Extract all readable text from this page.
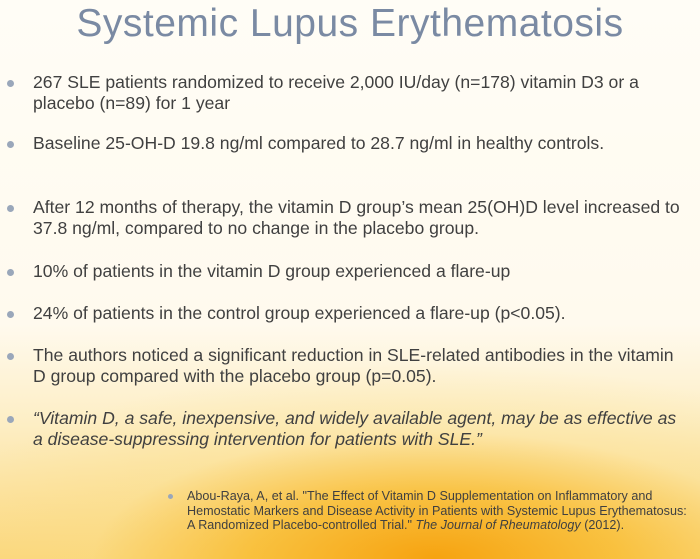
Systemic Lupus Erythematosis
267 SLE patients randomized to receive 2,000 IU/day (n=178) vitamin D3 or a placebo (n=89) for 1 year
Baseline 25-OH-D 19.8 ng/ml compared to 28.7 ng/ml in healthy controls.
After 12 months of therapy, the vitamin D group’s mean 25(OH)D level increased to 37.8 ng/ml, compared to no change in the placebo group.
10% of patients in the vitamin D group experienced a flare-up
24% of patients in the control group experienced a flare-up (p<0.05).
The authors noticed a significant reduction in SLE-related antibodies in the vitamin D group compared with the placebo group (p=0.05).
“Vitamin D, a safe, inexpensive, and widely available agent, may be as effective as a disease-suppressing intervention for patients with SLE.”
Abou-Raya, A, et al. "The Effect of Vitamin D Supplementation on Inflammatory and Hemostatic Markers and Disease Activity in Patients with Systemic Lupus Erythematosus: A Randomized Placebo-controlled Trial." The Journal of Rheumatology (2012).
